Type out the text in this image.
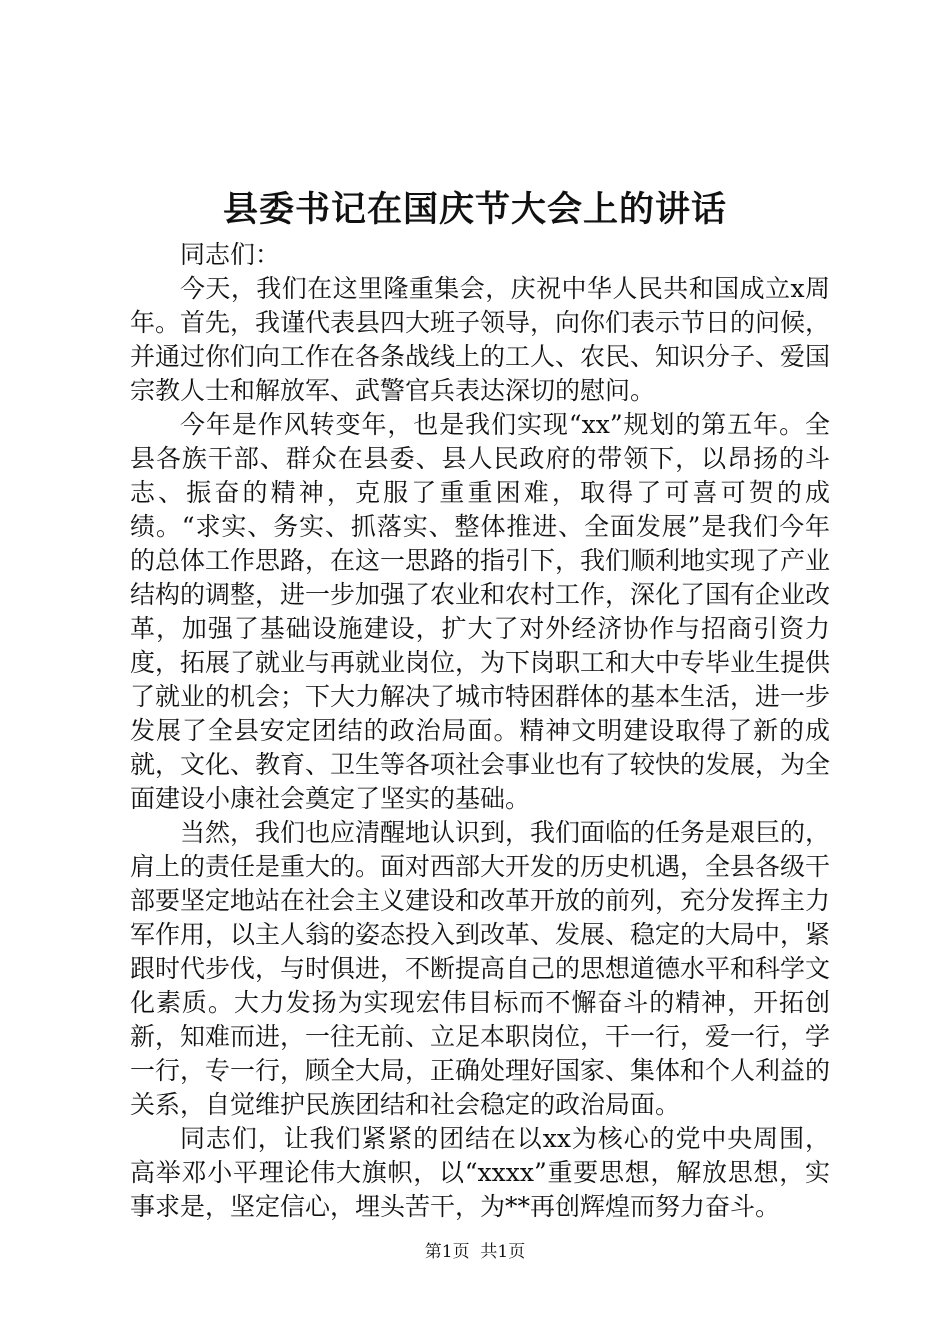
县委书记在国庆节大会上的讲话

同志们：

今天，我们在这里隆重集会，庆祝中华人民共和国成立x周年。首先，我谨代表县四大班子领导，向你们表示节日的问候，并通过你们向工作在各条战线上的工人、农民、知识分子、爱国宗教人士和解放军、武警官兵表达深切的慰问。

今年是作风转变年，也是我们实现“xx”规划的第五年。全县各族干部、群众在县委、县人民政府的带领下，以昂扬的斗志、振奋的精神，克服了重重困难，取得了可喜可贺的成绩。“求实、务实、抓落实、整体推进、全面发展”是我们今年的总体工作思路，在这一思路的指引下，我们顺利地实现了产业结构的调整，进一步加强了农业和农村工作，深化了国有企业改革，加强了基础设施建设，扩大了对外经济协作与招商引资力度，拓展了就业与再就业岗位，为下岗职工和大中专毕业生提供了就业的机会；下大力解决了城市特困群体的基本生活，进一步发展了全县安定团结的政治局面。精神文明建设取得了新的成就，文化、教育、卫生等各项社会事业也有了较快的发展，为全面建设小康社会奠定了坚实的基础。

当然，我们也应清醒地认识到，我们面临的任务是艰巨的，肩上的责任是重大的。面对西部大开发的历史机遇，全县各级干部要坚定地站在社会主义建设和改革开放的前列，充分发挥主力军作用，以主人翁的姿态投入到改革、发展、稳定的大局中，紧跟时代步伐，与时俱进，不断提高自己的思想道德水平和科学文化素质。大力发扬为实现宏伟目标而不懈奋斗的精神，开拓创新，知难而进，一往无前、立足本职岗位，干一行，爱一行，学一行，专一行，顾全大局，正确处理好国家、集体和个人利益的关系，自觉维护民族团结和社会稳定的政治局面。

同志们，让我们紧紧的团结在以xx为核心的党中央周围，高举邓小平理论伟大旗帜，以“xxxx”重要思想，解放思想，实事求是，坚定信心，埋头苦干，为**再创辉煌而努力奋斗。

第1页  共1页
